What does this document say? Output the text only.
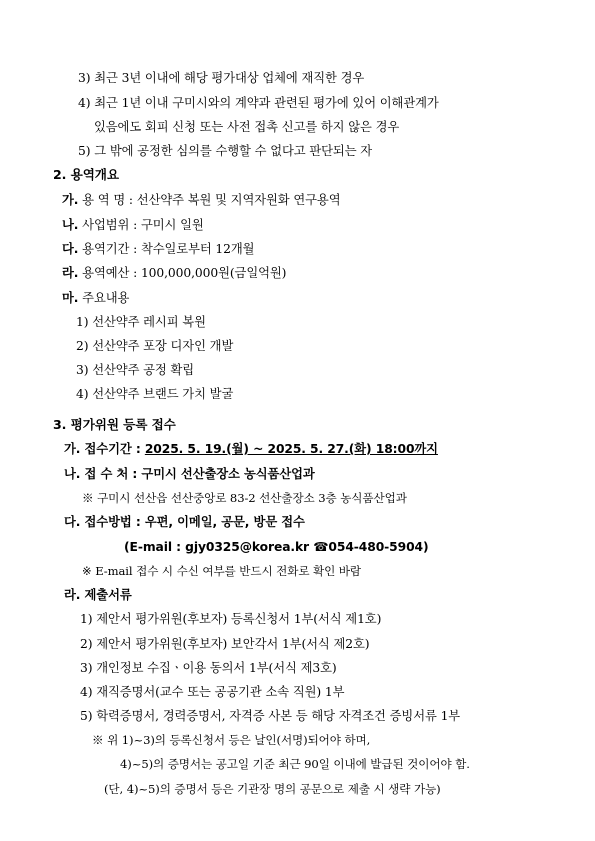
3) 최근 3년 이내에 해당 평가대상 업체에 재직한 경우
4) 최근 1년 이내 구미시와의 계약과 관련된 평가에 있어 이해관계가
있음에도 회피 신청 또는 사전 접촉 신고를 하지 않은 경우
5) 그 밖에 공정한 심의를 수행할 수 없다고 판단되는 자
2. 용역개요
가. 용 역 명 : 선산약주 복원 및 지역자원화 연구용역
나. 사업범위 : 구미시 일원
다. 용역기간 : 착수일로부터 12개월
라. 용역예산 : 100,000,000원(금일억원)
마. 주요내용
1) 선산약주 레시피 복원
2) 선산약주 포장 디자인 개발
3) 선산약주 공정 확립
4) 선산약주 브랜드 가치 발굴
3. 평가위원 등록 접수
가. 접수기간 : 2025. 5. 19.(월) ~ 2025. 5. 27.(화) 18:00까지
나. 접 수 처 : 구미시 선산출장소 농식품산업과
※ 구미시 선산읍 선산중앙로 83-2 선산출장소 3층 농식품산업과
다. 접수방법 : 우편, 이메일, 공문, 방문 접수
(E-mail : gjy0325@korea.kr ☎054-480-5904)
※ E-mail 접수 시 수신 여부를 반드시 전화로 확인 바람
라. 제출서류
1) 제안서 평가위원(후보자) 등록신청서 1부(서식 제1호)
2) 제안서 평가위원(후보자) 보안각서 1부(서식 제2호)
3) 개인정보 수집ㆍ이용 동의서 1부(서식 제3호)
4) 재직증명서(교수 또는 공공기관 소속 직원) 1부
5) 학력증명서, 경력증명서, 자격증 사본 등 해당 자격조건 증빙서류 1부
※ 위 1)~3)의 등록신청서 등은 날인(서명)되어야 하며,
4)~5)의 증명서는 공고일 기준 최근 90일 이내에 발급된 것이어야 함.
(단, 4)~5)의 증명서 등은 기관장 명의 공문으로 제출 시 생략 가능)
